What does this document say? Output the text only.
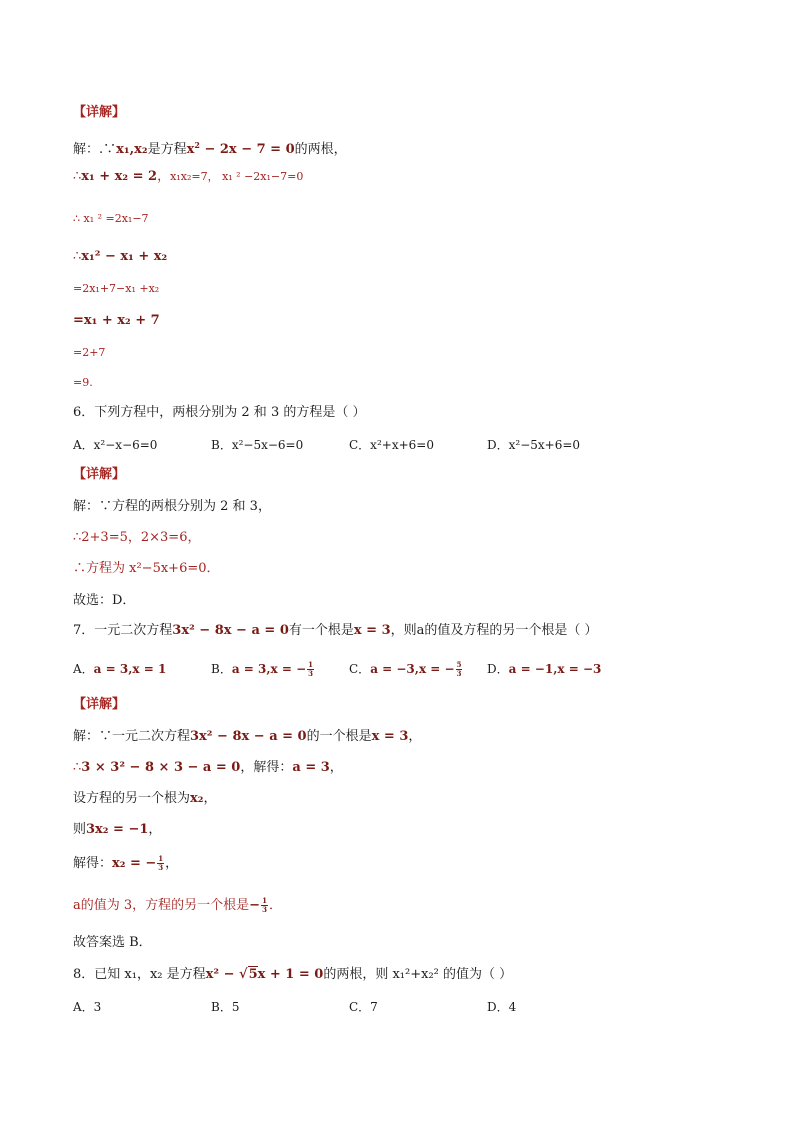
【详解】
解：.∵x₁,x₂是方程$x^2 - 2x - 7 = 0$的两根，
∴x₁ + x₂ = 2，x₁x₂=7， x₁ ² −2x₁−7=0
∴ x₁ ² =2x₁−7
∴x₁² − x₁ + x₂
=2x₁+7−x₁ +x₂
=x₁ + x₂ + 7
=2+7
=9.
6．下列方程中，两根分别为 2 和 3 的方程是（ ）
A．x²−x−6=0	B．x²−5x−6=0	C．x²+x+6=0	D．x²−5x+6=0
【详解】
解：∵方程的两根分别为 2 和 3，
∴2+3=5，2×3=6，
∴方程为 x²−5x+6=0．
故选：D．
7．一元二次方程3x² − 8x − a = 0有一个根是x = 3，则a的值及方程的另一个根是（ ）
A．a = 3,x = 1	B．a = 3,x = − $\frac{1}{3}$	C．a = −3,x = − $\frac{5}{3}$ D．a = −1,x = −3
【详解】
解：∵一元二次方程3x² − 8x − a = 0的一个根是x = 3，
∴3 × 3² − 8 × 3 − a = 0，解得：a = 3，
设方程的另一个根为x₂，
则3x₂ = −1，
解得：x₂ = − $\frac{1}{3}$ ，
a的值为 3，方程的另一个根是− $\frac{1}{3}$ ．
故答案选 B．
8．已知 x₁，x₂ 是方程x² − √5x + 1 = 0的两根，则 x₁²+x₂² 的值为（ ）
A．3	B．5	C．7	D．4
